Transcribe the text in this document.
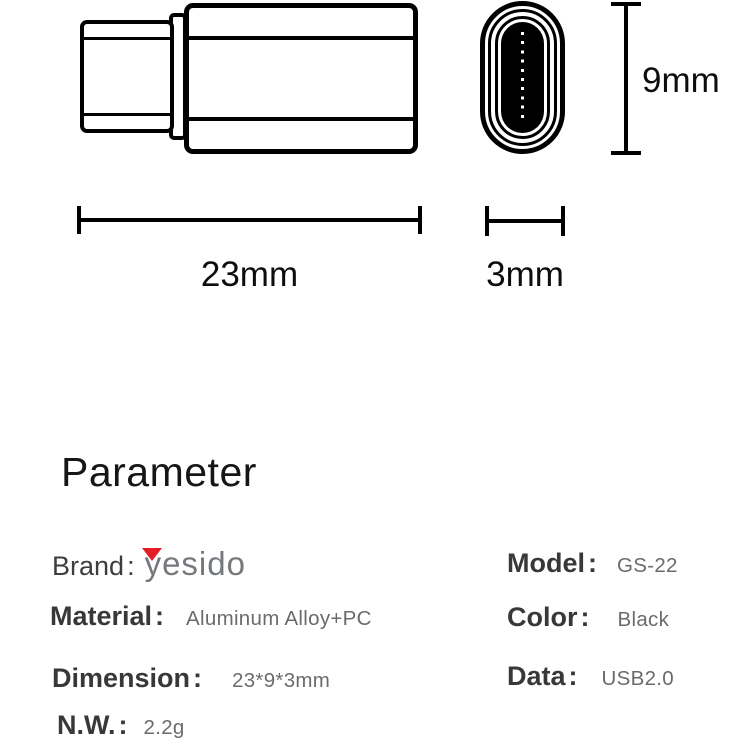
23mm
9mm
3mm
Parameter
Brand : yesido
Material : Aluminum Alloy+PC
Dimension : 23*9*3mm
N.W. : 2.2g
Model : GS-22
Color : Black
Data : USB2.0
